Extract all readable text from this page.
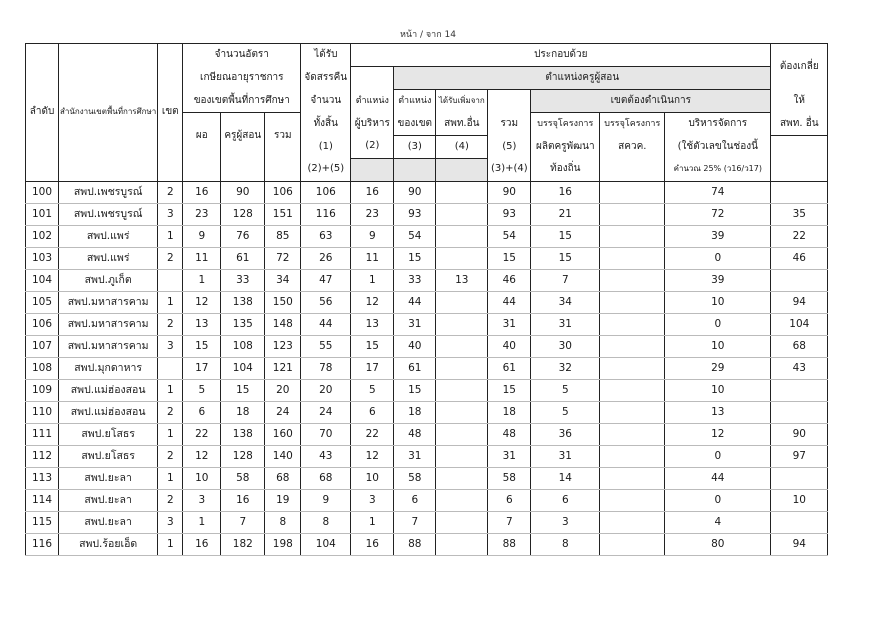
หน้า / จาก 14
ลำดับ	สำนักงานเขตพื้นที่การศึกษา	เขต	จำนวนอัตรา			ได้รับ	ประกอบด้วย							ต้องเกลี่ย
			เกษียณอายุราชการ			จัดสรรคืน		ตำแหน่งครูผู้สอน						
			ของเขตพื้นที่การศึกษา			จำนวน	ตำแหน่ง	ตำแหน่ง	ได้รับเพิ่มจาก		เขตต้องดำเนินการ			ให้
			ผอ	ครูผู้สอน	รวม	ทั้งสิ้น	ผู้บริหาร	ของเขต	สพท.อื่น	รวม	บรรจุโครงการ	บรรจุโครงการ	บริหารจัดการ	สพท. อื่น
						(1)	(2)	(3)	(4)	(5)	ผลิตครูพัฒนา	สควค.	(ใช้ตัวเลขในช่องนี้	
						(2)+(5)				(3)+(4)	ท้องถิ่น		คำนวณ 25% (ว16/ว17)	
100	สพป.เพชรบูรณ์	2	16	90	106	106	16	90		90	16		74	
101	สพป.เพชรบูรณ์	3	23	128	151	116	23	93		93	21		72	35
102	สพป.แพร่	1	9	76	85	63	9	54		54	15		39	22
103	สพป.แพร่	2	11	61	72	26	11	15		15	15		0	46
104	สพป.ภูเก็ต		1	33	34	47	1	33	13	46	7		39	
105	สพป.มหาสารคาม	1	12	138	150	56	12	44		44	34		10	94
106	สพป.มหาสารคาม	2	13	135	148	44	13	31		31	31		0	104
107	สพป.มหาสารคาม	3	15	108	123	55	15	40		40	30		10	68
108	สพป.มุกดาหาร		17	104	121	78	17	61		61	32		29	43
109	สพป.แม่ฮ่องสอน	1	5	15	20	20	5	15		15	5		10	
110	สพป.แม่ฮ่องสอน	2	6	18	24	24	6	18		18	5		13	
111	สพป.ยโสธร	1	22	138	160	70	22	48		48	36		12	90
112	สพป.ยโสธร	2	12	128	140	43	12	31		31	31		0	97
113	สพป.ยะลา	1	10	58	68	68	10	58		58	14		44	
114	สพป.ยะลา	2	3	16	19	9	3	6		6	6		0	10
115	สพป.ยะลา	3	1	7	8	8	1	7		7	3		4	
116	สพป.ร้อยเอ็ด	1	16	182	198	104	16	88		88	8		80	94
